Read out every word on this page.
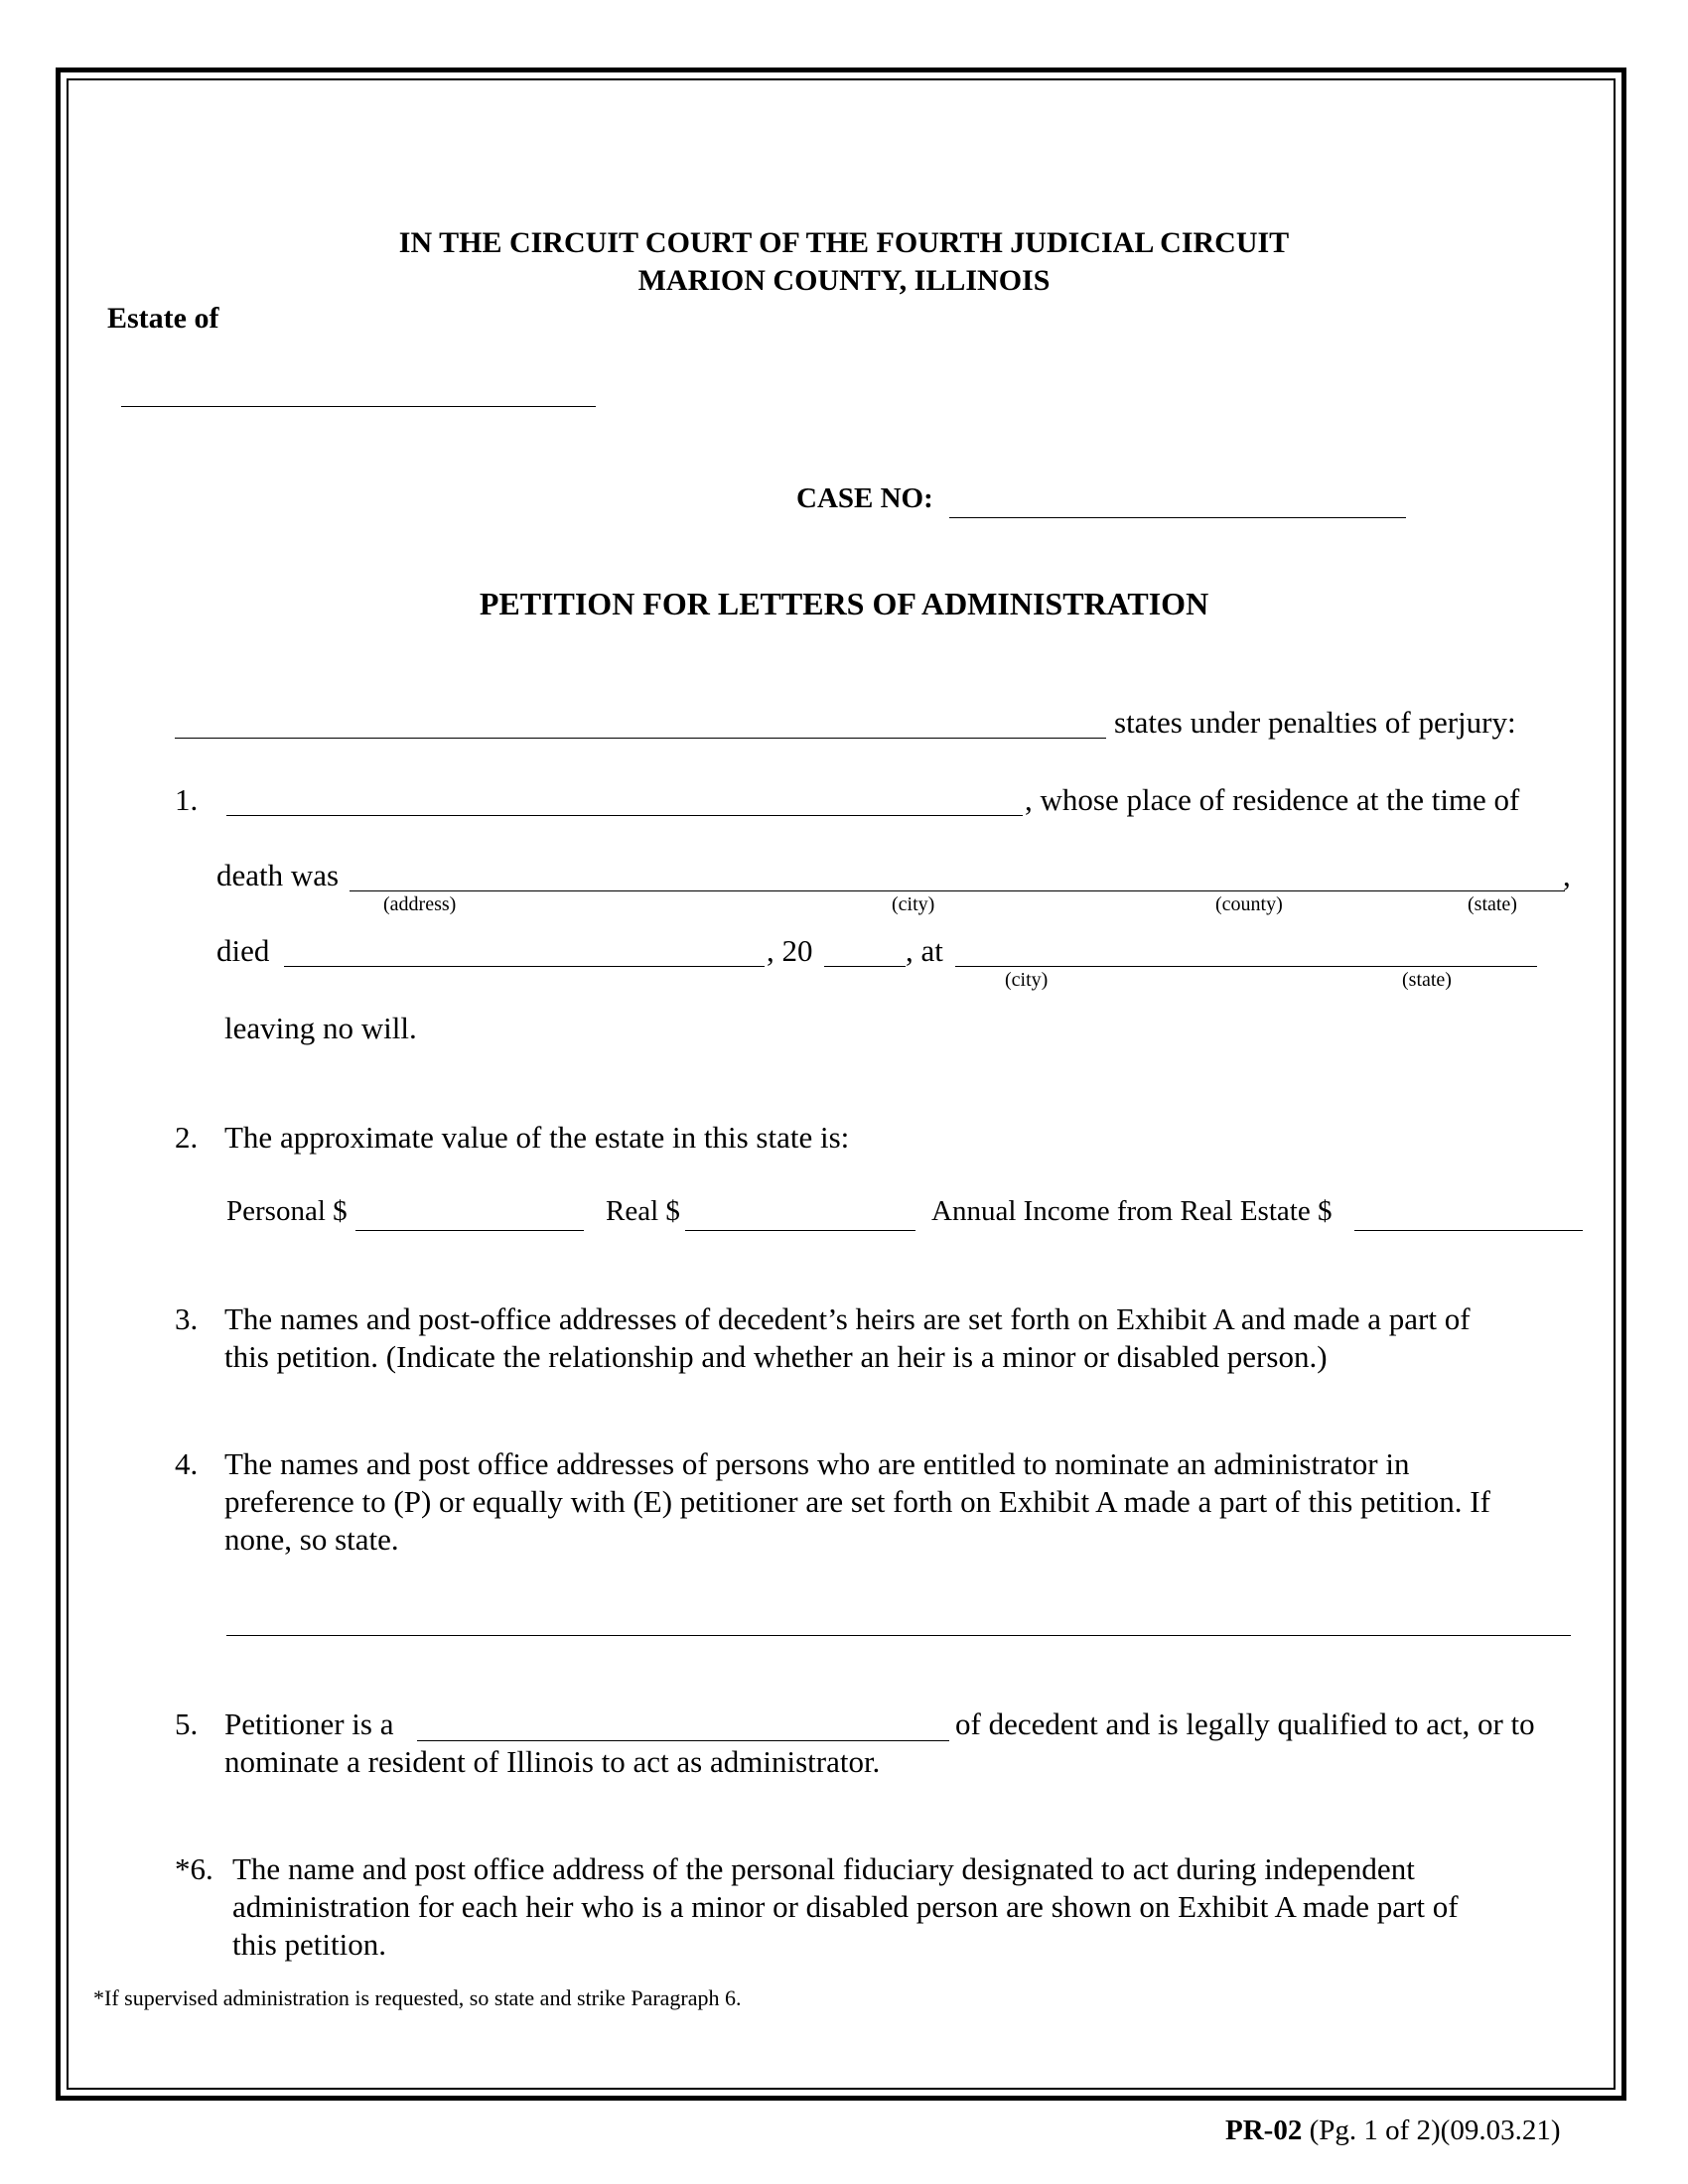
IN THE CIRCUIT COURT OF THE FOURTH JUDICIAL CIRCUIT
MARION COUNTY, ILLINOIS
Estate of
CASE NO:
PETITION FOR LETTERS OF ADMINISTRATION
states under penalties of perjury:
1.	, whose place of residence at the time of
death was	,
(address)	(city)	(county)	(state)
died	, 20	, at
(city)	(state)
leaving no will.
2. The approximate value of the estate in this state is:
Personal $	Real $	Annual Income from Real Estate $
3. The names and post-office addresses of decedent’s heirs are set forth on Exhibit A and made a part of
this petition. (Indicate the relationship and whether an heir is a minor or disabled person.)
4. The names and post office addresses of persons who are entitled to nominate an administrator in
preference to (P) or equally with (E) petitioner are set forth on Exhibit A made a part of this petition. If
none, so state.
5. Petitioner is a	of decedent and is legally qualified to act, or to
nominate a resident of Illinois to act as administrator.
*6. The name and post office address of the personal fiduciary designated to act during independent
administration for each heir who is a minor or disabled person are shown on Exhibit A made part of
this petition.
*If supervised administration is requested, so state and strike Paragraph 6.
PR-02 (Pg. 1 of 2)(09.03.21)
